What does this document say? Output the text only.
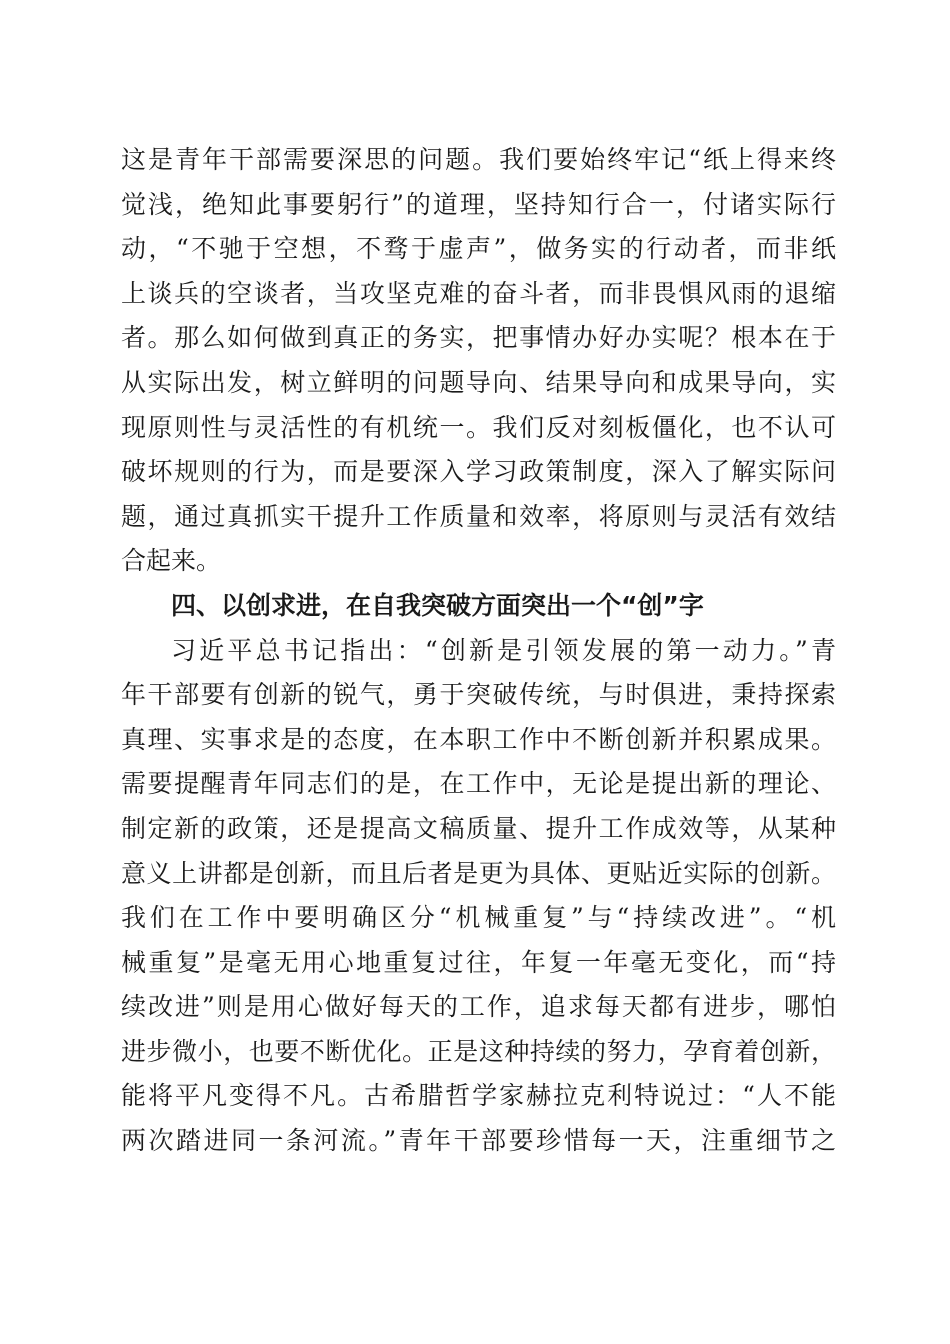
这是青年干部需要深思的问题。我们要始终牢记“纸上得来终
觉浅，绝知此事要躬行”的道理，坚持知行合一，付诸实际行
动，“不驰于空想，不骛于虚声”，做务实的行动者，而非纸
上谈兵的空谈者，当攻坚克难的奋斗者，而非畏惧风雨的退缩
者。那么如何做到真正的务实，把事情办好办实呢？根本在于
从实际出发，树立鲜明的问题导向、结果导向和成果导向，实
现原则性与灵活性的有机统一。我们反对刻板僵化，也不认可
破坏规则的行为，而是要深入学习政策制度，深入了解实际问
题，通过真抓实干提升工作质量和效率，将原则与灵活有效结
合起来。
四、以创求进，在自我突破方面突出一个“创”字
习近平总书记指出：“创新是引领发展的第一动力。”青
年干部要有创新的锐气，勇于突破传统，与时俱进，秉持探索
真理、实事求是的态度，在本职工作中不断创新并积累成果。
需要提醒青年同志们的是，在工作中，无论是提出新的理论、
制定新的政策，还是提高文稿质量、提升工作成效等，从某种
意义上讲都是创新，而且后者是更为具体、更贴近实际的创新。
我们在工作中要明确区分“机械重复”与“持续改进”。“机
械重复”是毫无用心地重复过往，年复一年毫无变化，而“持
续改进”则是用心做好每天的工作，追求每天都有进步，哪怕
进步微小，也要不断优化。正是这种持续的努力，孕育着创新，
能将平凡变得不凡。古希腊哲学家赫拉克利特说过：“人不能
两次踏进同一条河流。”青年干部要珍惜每一天，注重细节之
